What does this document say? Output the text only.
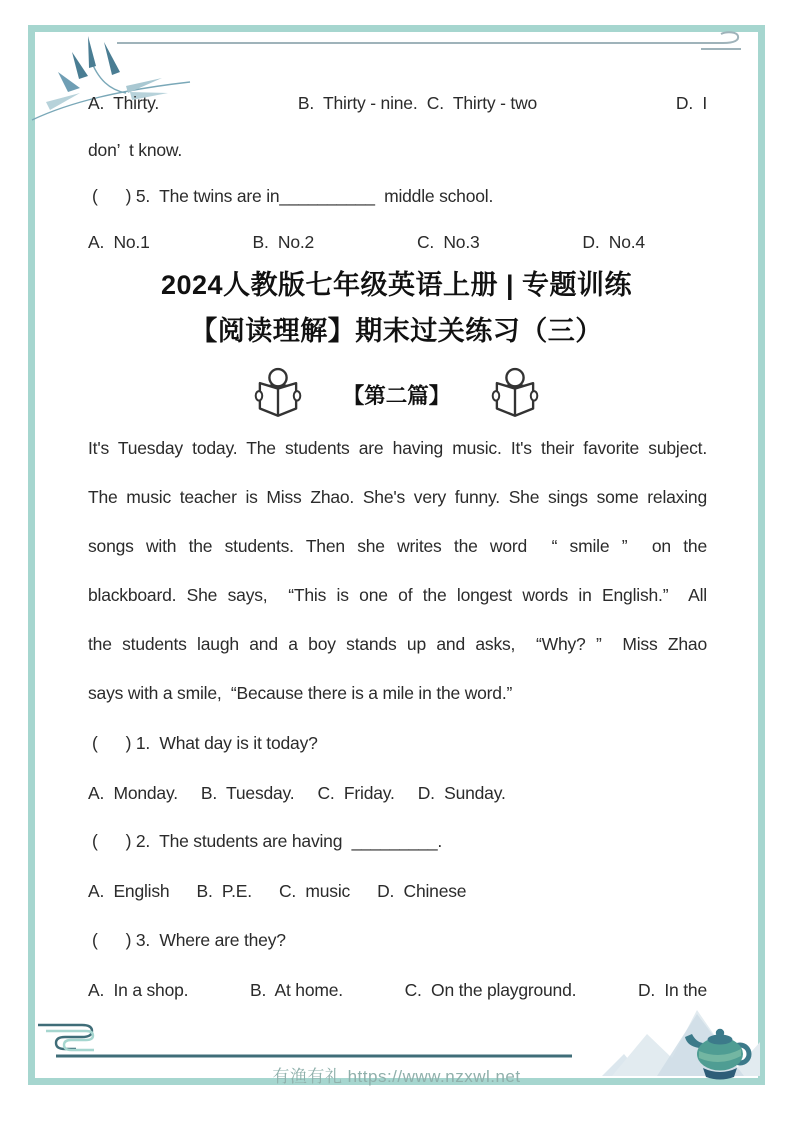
A.  Thirty.	B.  Thirty - nine.  C.  Thirty - two	D.  I
don’  t know.
(      ) 5.  The twins are in__________  middle school.
A.  No.1	B.  No.2	C.  No.3	D.  No.4
2024人教版七年级英语上册 | 专题训练
【阅读理解】期末过关练习（三）
【第二篇】
It's Tuesday today. The students are having music. It's their favorite subject.
The music teacher is Miss Zhao. She's very funny. She sings some relaxing
songs with the students. Then she writes the word  “ smile ”  on the
blackboard. She says,  “This is one of the longest words in English.”  All
the students laugh and a boy stands up and asks,  “Why? ”  Miss Zhao
says with a smile,  “Because there is a mile in the word.”
(      ) 1.  What day is it today?
A.  Monday. B.  Tuesday. C.  Friday. D.  Sunday.
(      ) 2.  The students are having  _________.
A.  English B.  P.E. C.  music D.  Chinese
(      ) 3.  Where are they?
A.  In a shop.	B.  At home.	C.  On the playground.	D.  In the
有渔有礼 https://www.nzxwl.net
